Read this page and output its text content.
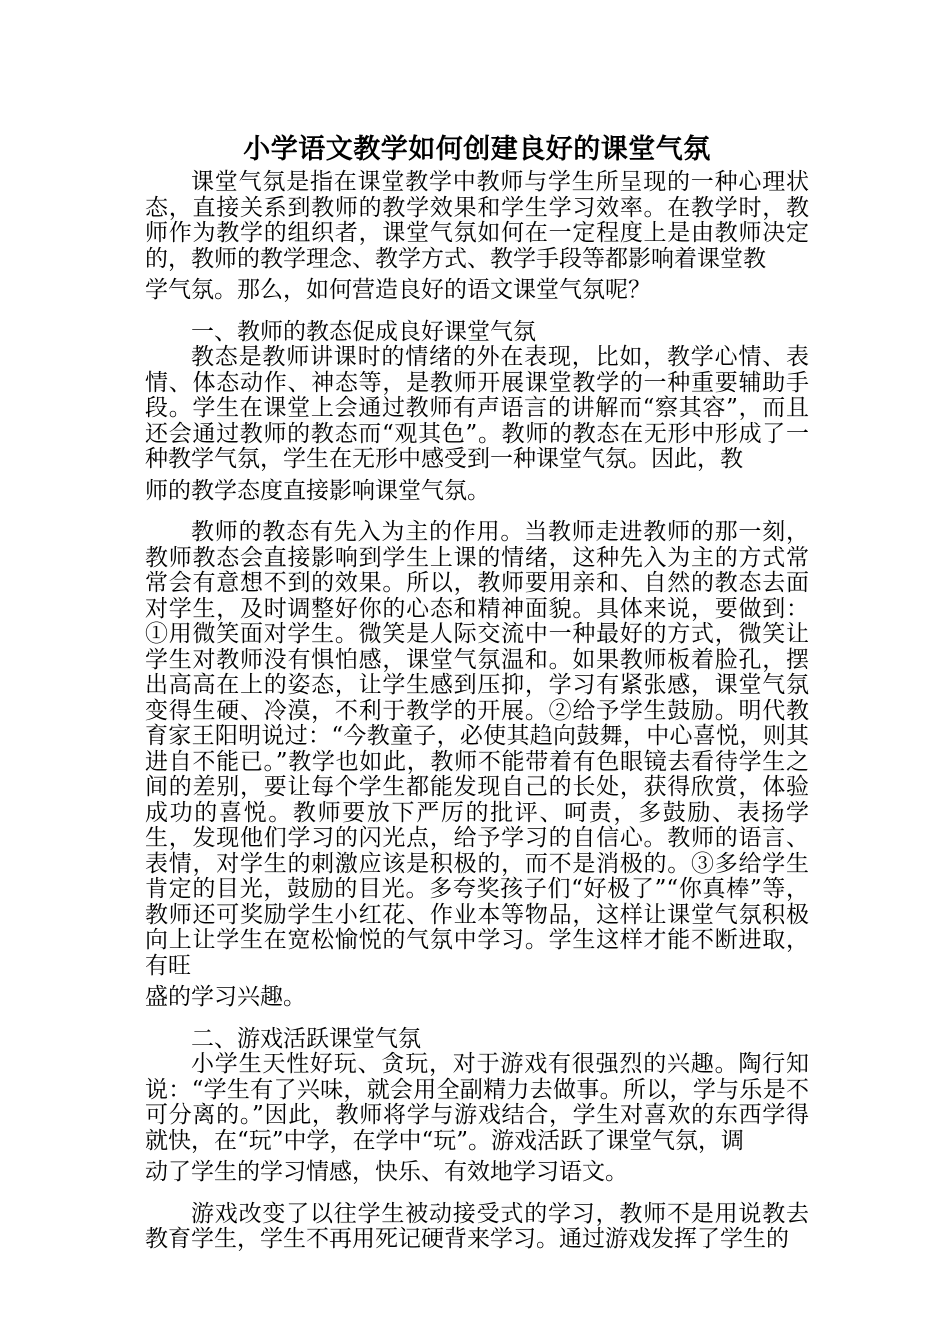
小学语文教学如何创建良好的课堂气氛

课堂气氛是指在课堂教学中教师与学生所呈现的一种心理状态，直接关系到教师的教学效果和学生学习效率。在教学时，教师作为教学的组织者，课堂气氛如何在一定程度上是由教师决定的，教师的教学理念、教学方式、教学手段等都影响着课堂教
学气氛。那么，如何营造良好的语文课堂气氛呢？

一、教师的教态促成良好课堂气氛

教态是教师讲课时的情绪的外在表现，比如，教学心情、表情、体态动作、神态等，是教师开展课堂教学的一种重要辅助手段。学生在课堂上会通过教师有声语言的讲解而“察其容”，而且还会通过教师的教态而“观其色”。教师的教态在无形中形成了一种教学气氛，学生在无形中感受到一种课堂气氛。因此，教
师的教学态度直接影响课堂气氛。

教师的教态有先入为主的作用。当教师走进教师的那一刻，教师教态会直接影响到学生上课的情绪，这种先入为主的方式常常会有意想不到的效果。所以，教师要用亲和、自然的教态去面对学生，及时调整好你的心态和精神面貌。具体来说，要做到：①用微笑面对学生。微笑是人际交流中一种最好的方式，微笑让学生对教师没有惧怕感，课堂气氛温和。如果教师板着脸孔，摆出高高在上的姿态，让学生感到压抑，学习有紧张感，课堂气氛变得生硬、冷漠，不利于教学的开展。②给予学生鼓励。明代教育家王阳明说过：“今教童子，必使其趋向鼓舞，中心喜悦，则其进自不能已。”教学也如此，教师不能带着有色眼镜去看待学生之间的差别，要让每个学生都能发现自己的长处，获得欣赏，体验成功的喜悦。教师要放下严厉的批评、呵责，多鼓励、表扬学生，发现他们学习的闪光点，给予学习的自信心。教师的语言、表情，对学生的刺激应该是积极的，而不是消极的。③多给学生肯定的目光，鼓励的目光。多夸奖孩子们“好极了”“你真棒”等，教师还可奖励学生小红花、作业本等物品，这样让课堂气氛积极向上让学生在宽松愉悦的气氛中学习。学生这样才能不断进取，有旺
盛的学习兴趣。

二、游戏活跃课堂气氛

小学生天性好玩、贪玩，对于游戏有很强烈的兴趣。陶行知说：“学生有了兴味，就会用全副精力去做事。所以，学与乐是不可分离的。”因此，教师将学与游戏结合，学生对喜欢的东西学得就快，在“玩”中学，在学中“玩”。游戏活跃了课堂气氛，调
动了学生的学习情感，快乐、有效地学习语文。

游戏改变了以往学生被动接受式的学习，教师不是用说教去教育学生，学生不再用死记硬背来学习。通过游戏发挥了学生的
